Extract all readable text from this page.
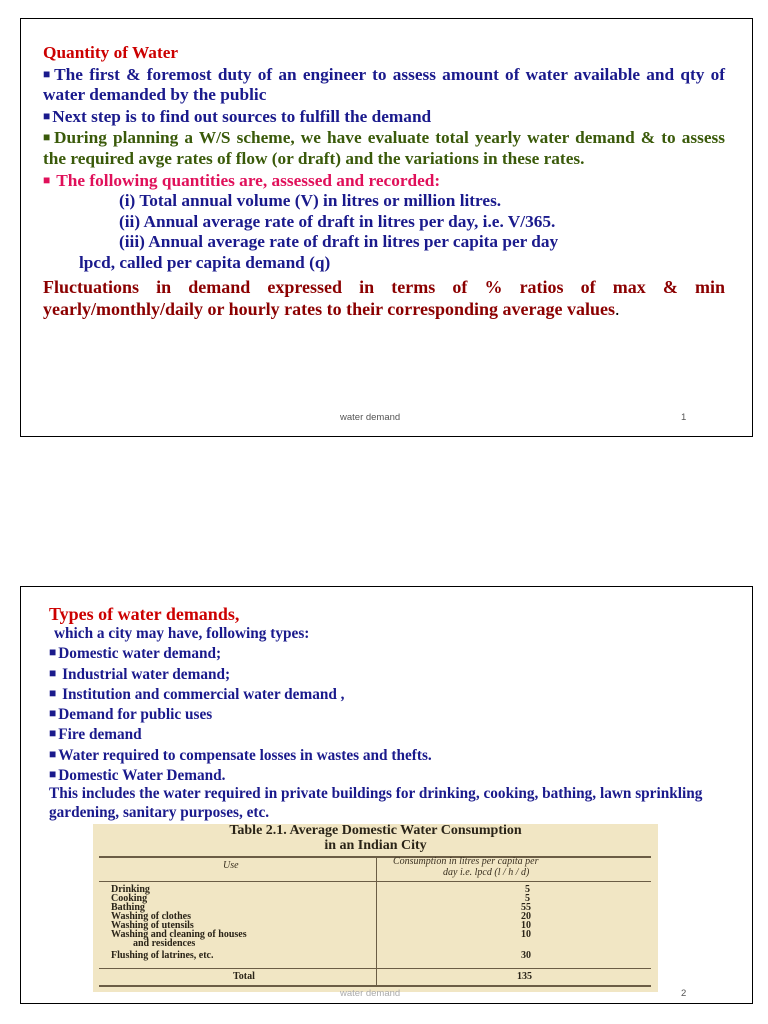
Quantity of Water

■ The first & foremost duty of an engineer to assess amount of water available and qty of water demanded by the public

■ Next step is to find out sources to fulfill the demand

■ During planning a W/S scheme, we have evaluate total yearly water demand & to assess the required avge rates of flow (or draft) and the variations in these rates.

■ The following quantities are, assessed and recorded:

(i) Total annual volume (V) in litres or million litres.

(ii) Annual average rate of draft in litres per day, i.e. V/365.

(iii) Annual average rate of draft in litres per capita per day

lpcd, called per capita demand (q)

Fluctuations in demand expressed in terms of % ratios of max & min yearly/monthly/daily or hourly rates to their corresponding average values.

water demand	1
Types of water demands,
which a city may have, following types:
■ Domestic water demand;
■ Industrial water demand;
■ Institution and commercial water demand ,
■ Demand for public uses
■ Fire demand
■ Water required to compensate losses in wastes and thefts.
■ Domestic Water Demand.
This includes the water required in private buildings for drinking, cooking, bathing, lawn sprinkling gardening, sanitary purposes, etc.
Table 2.1. Average Domestic Water Consumption
in an Indian City
Use	Consumption in litres per capita per
day i.e. lpcd (l / h / d)
Drinking	5
Cooking	5
Bathing	55
Washing of clothes	20
Washing of utensils	10
Washing and cleaning of houses	10
and residences
Flushing of latrines, etc.	30
Total	135
water demand	2
